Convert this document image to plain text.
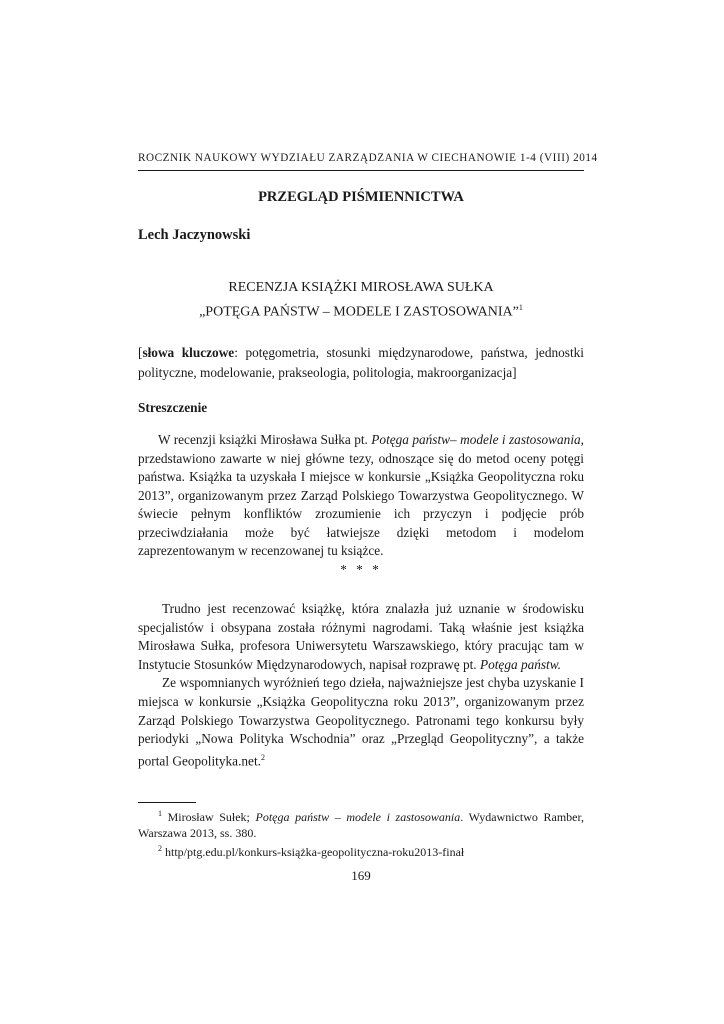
ROCZNIK NAUKOWY WYDZIAŁU ZARZĄDZANIA W CIECHANOWIE 1-4 (VIII) 2014
PRZEGLĄD PIŚMIENNICTWA
Lech Jaczynowski
RECENZJA KSIĄŻKI MIROSŁAWA SUŁKA
„POTĘGA PAŃSTW – MODELE I ZASTOSOWANIA”$^1$
[słowa kluczowe: potęgometria, stosunki międzynarodowe, państwa, jednostki polityczne, modelowanie, prakseologia, politologia, makroorganizacja]
Streszczenie

W recenzji książki Mirosława Sułka pt. Potęga państw– modele i zastosowania, przedstawiono zawarte w niej główne tezy, odnoszące się do metod oceny potęgi państwa. Książka ta uzyskała I miejsce w konkursie „Książka Geopolityczna roku 2013”, organizowanym przez Zarząd Polskiego Towarzystwa Geopolitycznego. W świecie pełnym konfliktów zrozumienie ich przyczyn i podjęcie prób przeciwdziałania może być łatwiejsze dzięki metodom i modelom zaprezentowanym w recenzowanej tu książce.

* * *

Trudno jest recenzować książkę, która znalazła już uznanie w środowisku specjalistów i obsypana została różnymi nagrodami. Taką właśnie jest książka Mirosława Sułka, profesora Uniwersytetu Warszawskiego, który pracując tam w Instytucie Stosunków Międzynarodowych, napisał rozprawę pt. Potęga państw.

Ze wspomnianych wyróżnień tego dzieła, najważniejsze jest chyba uzyskanie I miejsca w konkursie „Książka Geopolityczna roku 2013”, organizowanym przez Zarząd Polskiego Towarzystwa Geopolitycznego. Patronami tego konkursu były periodyki „Nowa Polityka Wschodnia” oraz „Przegląd Geopolityczny”, a także portal Geopolityka.net.$^2$

$^1$ Mirosław Sułek; Potęga państw – modele i zastosowania. Wydawnictwo Ramber, Warszawa 2013, ss. 380.

$^2$ http/ptg.edu.pl/konkurs-książka-geopolityczna-roku2013-finał

169
